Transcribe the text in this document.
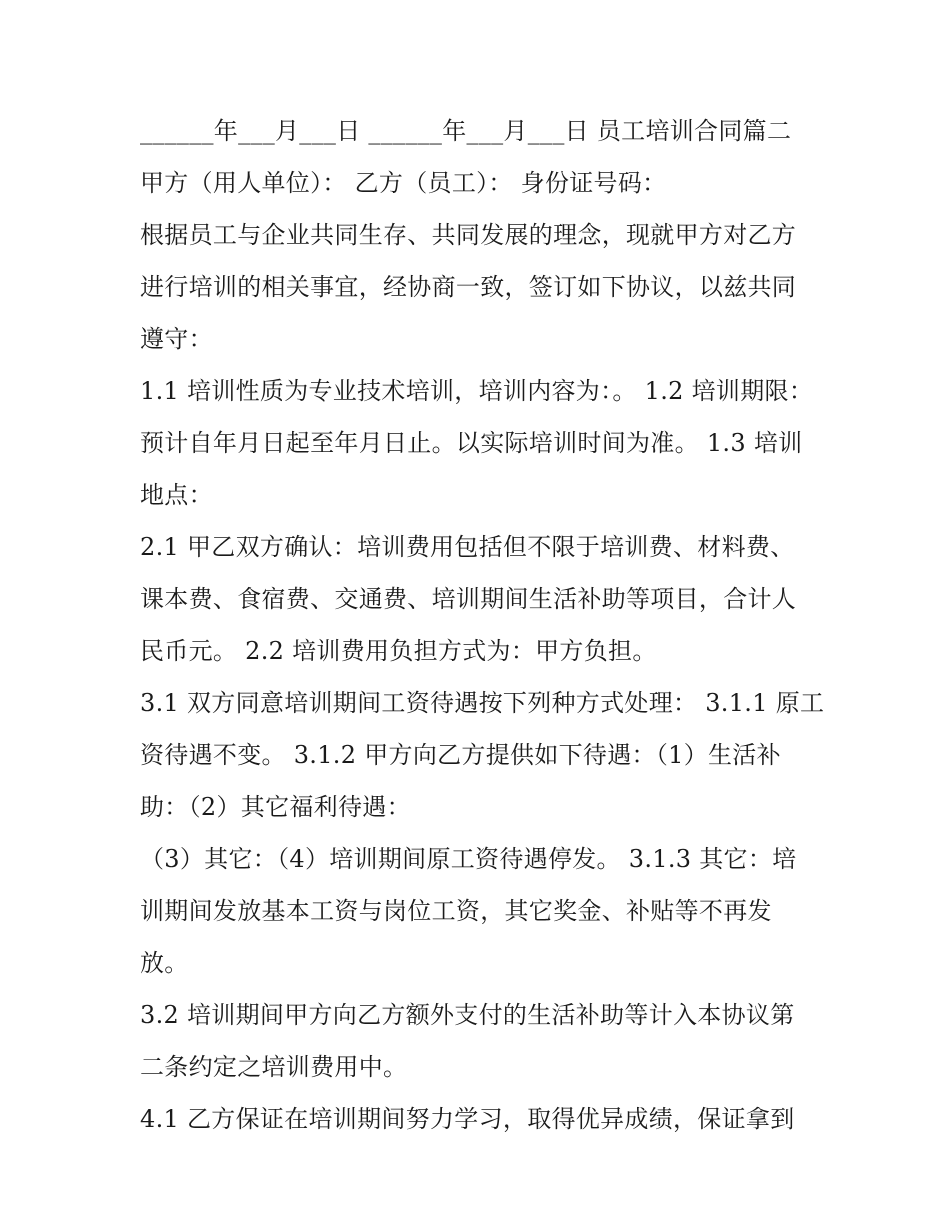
______年___月___日 ______年___月___日 员工培训合同篇二
甲方（用人单位）： 乙方（员工）： 身份证号码：
根据员工与企业共同生存、共同发展的理念，现就甲方对乙方
进行培训的相关事宜，经协商一致，签订如下协议，以兹共同
遵守：
1.1 培训性质为专业技术培训，培训内容为：。 1.2 培训期限：
预计自年月日起至年月日止。以实际培训时间为准。 1.3 培训
地点：
2.1 甲乙双方确认：培训费用包括但不限于培训费、材料费、
课本费、食宿费、交通费、培训期间生活补助等项目，合计人
民币元。 2.2 培训费用负担方式为：甲方负担。
3.1 双方同意培训期间工资待遇按下列种方式处理： 3.1.1 原工
资待遇不变。 3.1.2 甲方向乙方提供如下待遇：（1）生活补
助：（2）其它福利待遇：
（3）其它：（4）培训期间原工资待遇停发。 3.1.3 其它：培
训期间发放基本工资与岗位工资，其它奖金、补贴等不再发
放。
3.2 培训期间甲方向乙方额外支付的生活补助等计入本协议第
二条约定之培训费用中。
4.1 乙方保证在培训期间努力学习，取得优异成绩，保证拿到
